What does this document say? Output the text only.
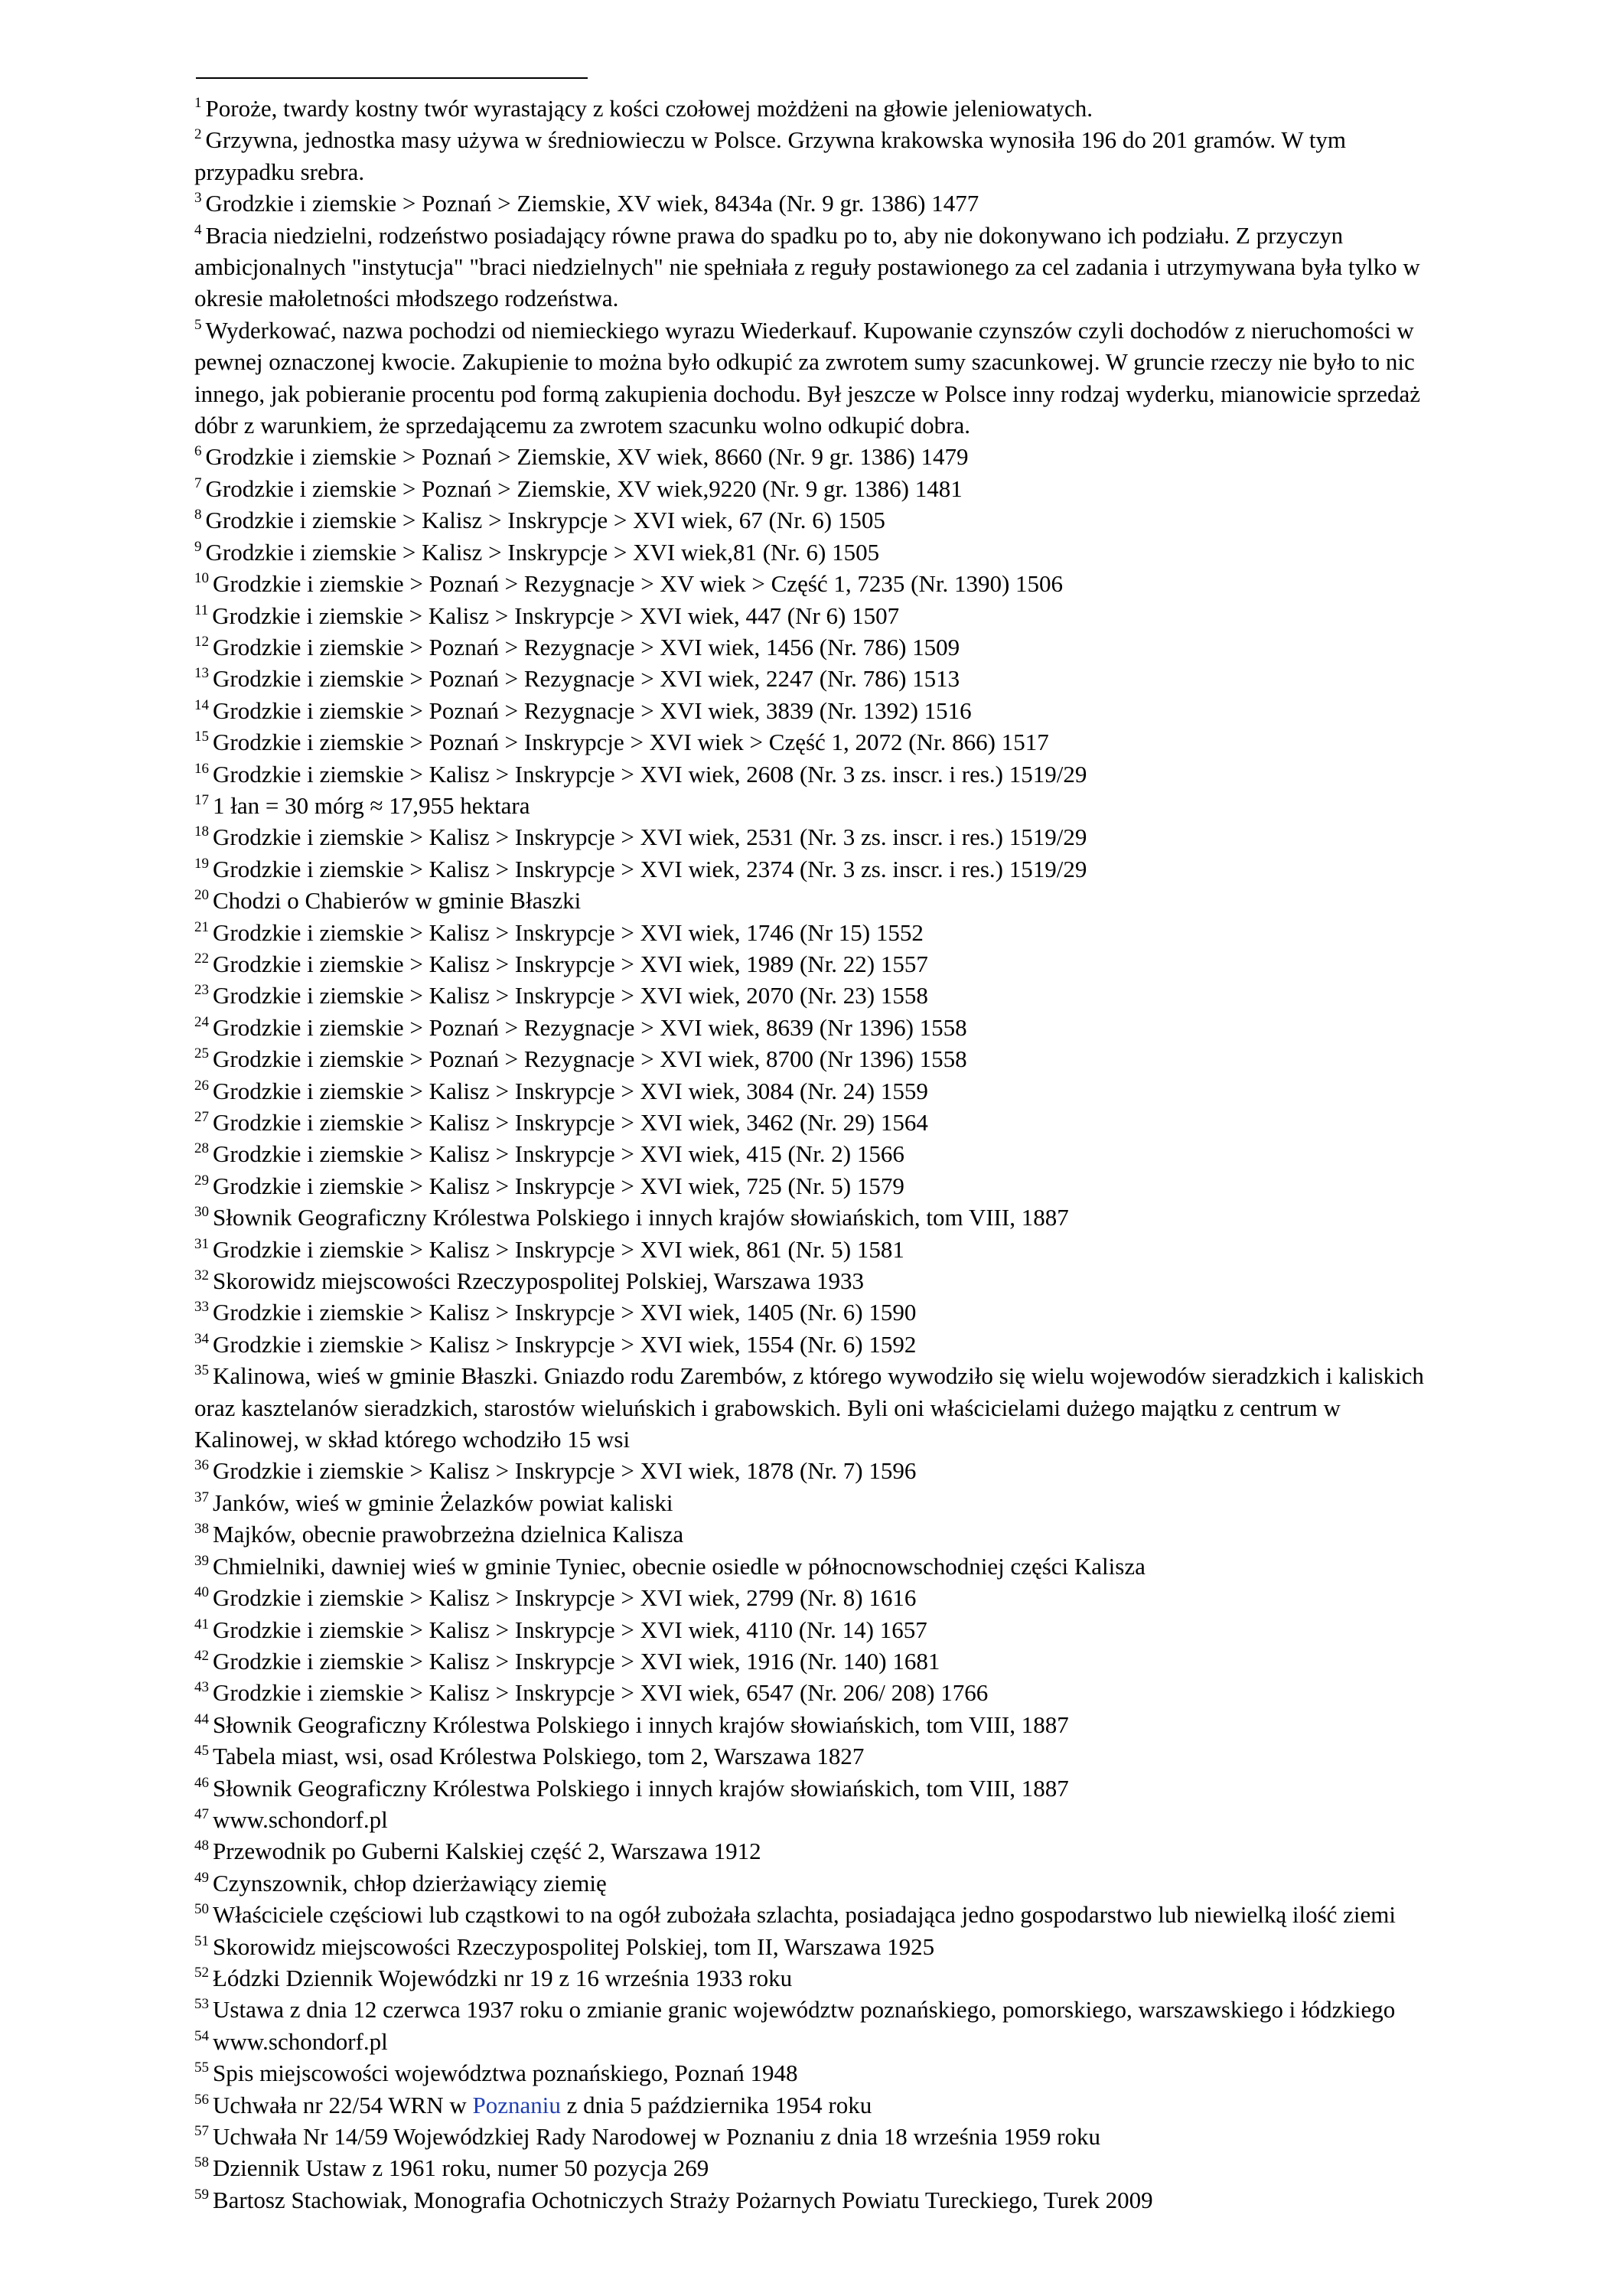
$^1$ Poroże, twardy kostny twór wyrastający z kości czołowej możdżeni na głowie jeleniowatych.

$^2$ Grzywna, jednostka masy używa w średniowieczu w Polsce. Grzywna krakowska wynosiła 196 do 201 gramów. W tym przypadku srebra.

$^3$ Grodzkie i ziemskie > Poznań > Ziemskie, XV wiek, 8434a (Nr. 9 gr. 1386) 1477

$^4$ Bracia niedzielni, rodzeństwo posiadający równe prawa do spadku po to, aby nie dokonywano ich podziału. Z przyczyn ambicjonalnych "instytucja" "braci niedzielnych" nie spełniała z reguły postawionego za cel zadania i utrzymywana była tylko w okresie małoletności młodszego rodzeństwa.

$^5$ Wyderkować, nazwa pochodzi od niemieckiego wyrazu Wiederkauf. Kupowanie czynszów czyli dochodów z nieruchomości w pewnej oznaczonej kwocie. Zakupienie to można było odkupić za zwrotem sumy szacunkowej. W gruncie rzeczy nie było to nic innego, jak pobieranie procentu pod formą zakupienia dochodu. Był jeszcze w Polsce inny rodzaj wyderku, mianowicie sprzedaż dóbr z warunkiem, że sprzedającemu za zwrotem szacunku wolno odkupić dobra.

$^6$ Grodzkie i ziemskie > Poznań > Ziemskie, XV wiek, 8660 (Nr. 9 gr. 1386) 1479

$^7$ Grodzkie i ziemskie > Poznań > Ziemskie, XV wiek,9220 (Nr. 9 gr. 1386) 1481

$^8$ Grodzkie i ziemskie > Kalisz > Inskrypcje > XVI wiek, 67 (Nr. 6) 1505

$^9$ Grodzkie i ziemskie > Kalisz > Inskrypcje > XVI wiek,81 (Nr. 6) 1505

$^{10}$ Grodzkie i ziemskie > Poznań > Rezygnacje > XV wiek > Część 1, 7235 (Nr. 1390) 1506

$^{11}$ Grodzkie i ziemskie > Kalisz > Inskrypcje > XVI wiek, 447 (Nr 6) 1507

$^{12}$ Grodzkie i ziemskie > Poznań > Rezygnacje > XVI wiek, 1456 (Nr. 786) 1509

$^{13}$ Grodzkie i ziemskie > Poznań > Rezygnacje > XVI wiek, 2247 (Nr. 786) 1513

$^{14}$ Grodzkie i ziemskie > Poznań > Rezygnacje > XVI wiek, 3839 (Nr. 1392) 1516

$^{15}$ Grodzkie i ziemskie > Poznań > Inskrypcje > XVI wiek > Część 1, 2072 (Nr. 866) 1517

$^{16}$ Grodzkie i ziemskie > Kalisz > Inskrypcje > XVI wiek, 2608 (Nr. 3 zs. inscr. i res.) 1519/29

$^{17}$ 1 łan = 30 mórg ≈ 17,955 hektara

$^{18}$ Grodzkie i ziemskie > Kalisz > Inskrypcje > XVI wiek, 2531 (Nr. 3 zs. inscr. i res.) 1519/29

$^{19}$ Grodzkie i ziemskie > Kalisz > Inskrypcje > XVI wiek, 2374 (Nr. 3 zs. inscr. i res.) 1519/29

$^{20}$ Chodzi o Chabierów w gminie Błaszki

$^{21}$ Grodzkie i ziemskie > Kalisz > Inskrypcje > XVI wiek, 1746 (Nr 15) 1552

$^{22}$ Grodzkie i ziemskie > Kalisz > Inskrypcje > XVI wiek, 1989 (Nr. 22) 1557

$^{23}$ Grodzkie i ziemskie > Kalisz > Inskrypcje > XVI wiek, 2070 (Nr. 23) 1558

$^{24}$ Grodzkie i ziemskie > Poznań > Rezygnacje > XVI wiek, 8639 (Nr 1396) 1558

$^{25}$ Grodzkie i ziemskie > Poznań > Rezygnacje > XVI wiek, 8700 (Nr 1396) 1558

$^{26}$ Grodzkie i ziemskie > Kalisz > Inskrypcje > XVI wiek, 3084 (Nr. 24) 1559

$^{27}$ Grodzkie i ziemskie > Kalisz > Inskrypcje > XVI wiek, 3462 (Nr. 29) 1564

$^{28}$ Grodzkie i ziemskie > Kalisz > Inskrypcje > XVI wiek, 415 (Nr. 2) 1566

$^{29}$ Grodzkie i ziemskie > Kalisz > Inskrypcje > XVI wiek, 725 (Nr. 5) 1579

$^{30}$ Słownik Geograficzny Królestwa Polskiego i innych krajów słowiańskich, tom VIII, 1887

$^{31}$ Grodzkie i ziemskie > Kalisz > Inskrypcje > XVI wiek, 861 (Nr. 5) 1581

$^{32}$ Skorowidz miejscowości Rzeczypospolitej Polskiej, Warszawa 1933

$^{33}$ Grodzkie i ziemskie > Kalisz > Inskrypcje > XVI wiek, 1405 (Nr. 6) 1590

$^{34}$ Grodzkie i ziemskie > Kalisz > Inskrypcje > XVI wiek, 1554 (Nr. 6) 1592

$^{35}$ Kalinowa, wieś w gminie Błaszki. Gniazdo rodu Zarembów, z którego wywodziło się wielu wojewodów sieradzkich i kaliskich oraz kasztelanów sieradzkich, starostów wieluńskich i grabowskich. Byli oni właścicielami dużego majątku z centrum w Kalinowej, w skład którego wchodziło 15 wsi

$^{36}$ Grodzkie i ziemskie > Kalisz > Inskrypcje > XVI wiek, 1878 (Nr. 7) 1596

$^{37}$ Janków, wieś w gminie Żelazków powiat kaliski

$^{38}$ Majków, obecnie prawobrzeżna dzielnica Kalisza

$^{39}$ Chmielniki, dawniej wieś w gminie Tyniec, obecnie osiedle w północnowschodniej części Kalisza

$^{40}$ Grodzkie i ziemskie > Kalisz > Inskrypcje > XVI wiek, 2799 (Nr. 8) 1616

$^{41}$ Grodzkie i ziemskie > Kalisz > Inskrypcje > XVI wiek, 4110 (Nr. 14) 1657

$^{42}$ Grodzkie i ziemskie > Kalisz > Inskrypcje > XVI wiek, 1916 (Nr. 140) 1681

$^{43}$ Grodzkie i ziemskie > Kalisz > Inskrypcje > XVI wiek, 6547 (Nr. 206/ 208) 1766

$^{44}$ Słownik Geograficzny Królestwa Polskiego i innych krajów słowiańskich, tom VIII, 1887

$^{45}$ Tabela miast, wsi, osad Królestwa Polskiego, tom 2, Warszawa 1827

$^{46}$ Słownik Geograficzny Królestwa Polskiego i innych krajów słowiańskich, tom VIII, 1887

$^{47}$ www.schondorf.pl

$^{48}$ Przewodnik po Guberni Kalskiej część 2, Warszawa 1912

$^{49}$ Czynszownik, chłop dzierżawiący ziemię

$^{50}$ Właściciele częściowi lub cząstkowi to na ogół zubożała szlachta, posiadająca jedno gospodarstwo lub niewielką ilość ziemi

$^{51}$ Skorowidz miejscowości Rzeczypospolitej Polskiej, tom II, Warszawa 1925

$^{52}$ Łódzki Dziennik Wojewódzki nr 19 z 16 września 1933 roku

$^{53}$ Ustawa z dnia 12 czerwca 1937 roku o zmianie granic województw poznańskiego, pomorskiego, warszawskiego i łódzkiego

$^{54}$ www.schondorf.pl

$^{55}$ Spis miejscowości województwa poznańskiego, Poznań 1948

$^{56}$ Uchwała nr 22/54 WRN w Poznaniu z dnia 5 października 1954 roku

$^{57}$ Uchwała Nr 14/59 Wojewódzkiej Rady Narodowej w Poznaniu z dnia 18 września 1959 roku

$^{58}$ Dziennik Ustaw z 1961 roku, numer 50 pozycja 269

$^{59}$ Bartosz Stachowiak, Monografia Ochotniczych Straży Pożarnych Powiatu Tureckiego, Turek 2009
